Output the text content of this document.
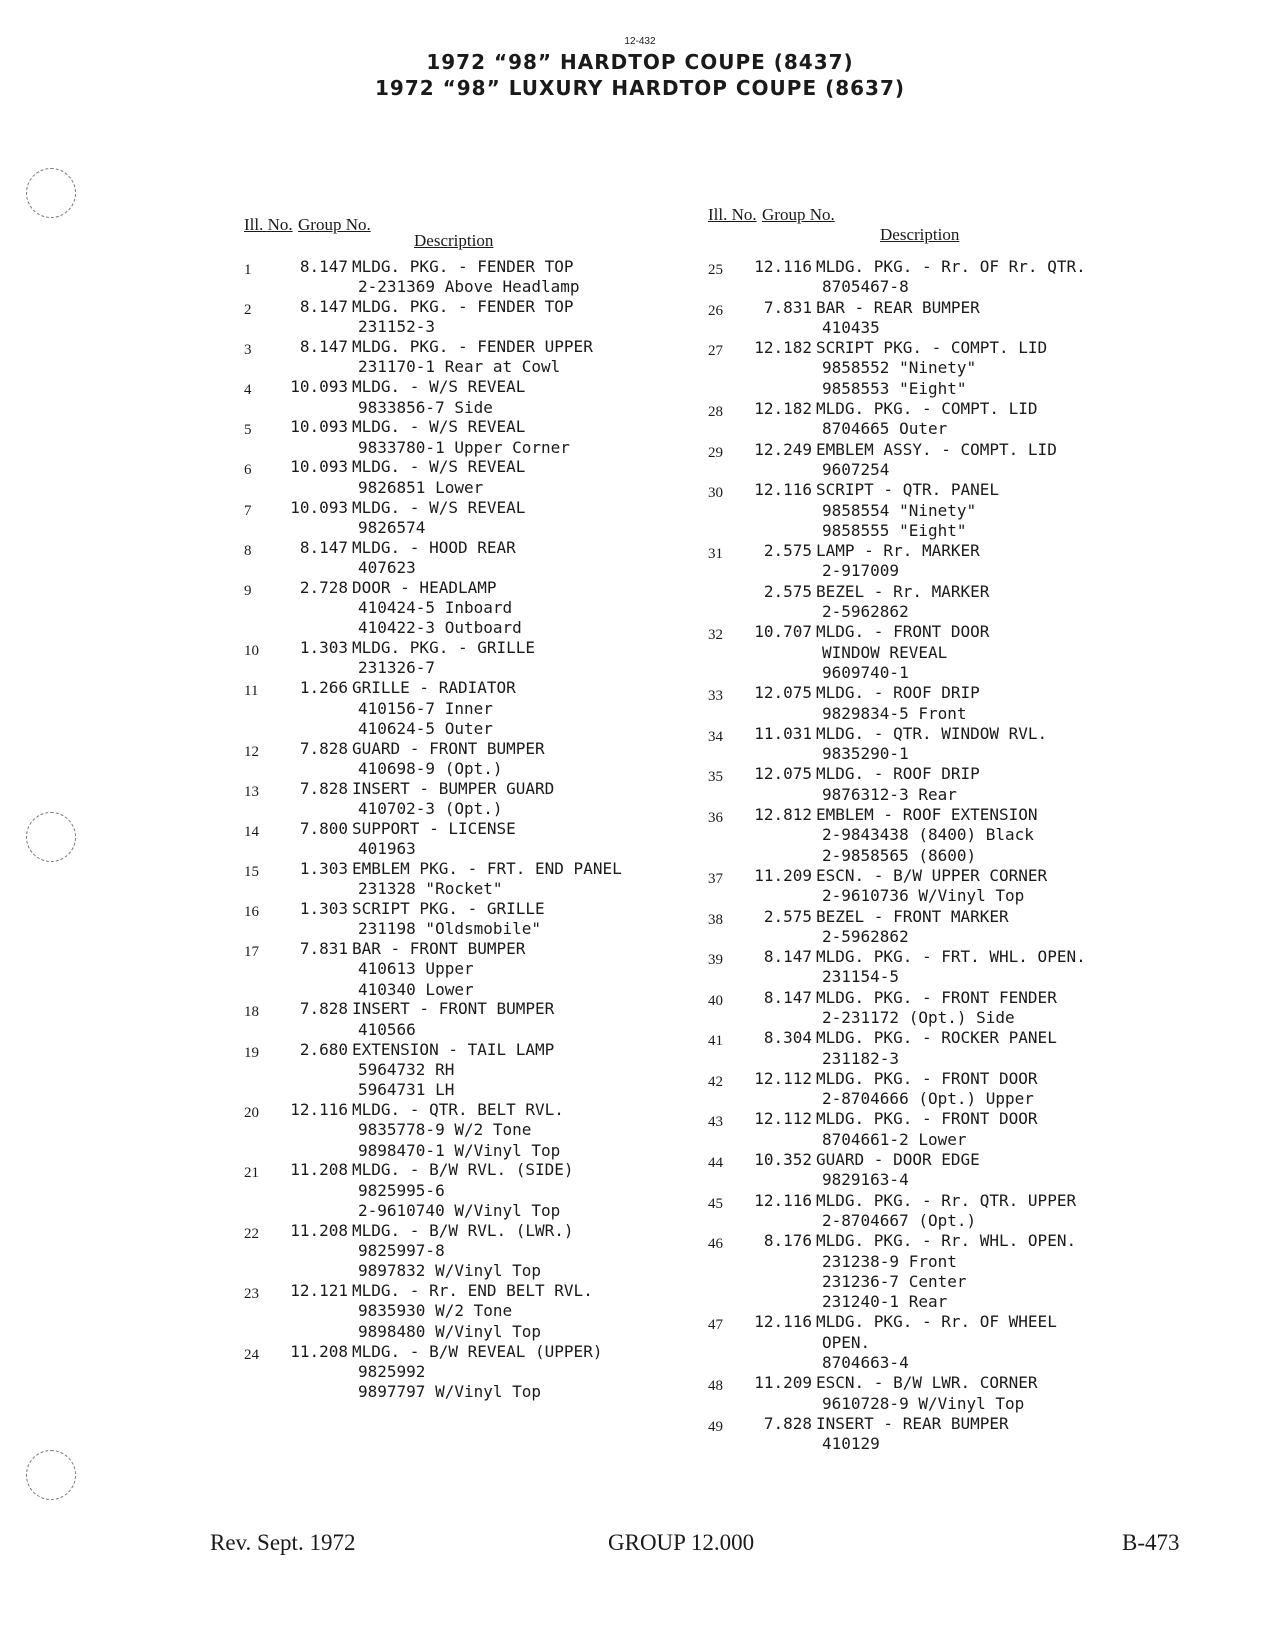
12-432
1972 “98” HARDTOP COUPE (8437)
1972 “98” LUXURY HARDTOP COUPE (8637)
Ill. No. Group No.
Description
1	8.147 MLDG. PKG. - FENDER TOP
2-231369 Above Headlamp
2	8.147 MLDG. PKG. - FENDER TOP
231152-3
3	8.147 MLDG. PKG. - FENDER UPPER
231170-1 Rear at Cowl
4	10.093 MLDG. - W/S REVEAL
9833856-7 Side
5	10.093 MLDG. - W/S REVEAL
9833780-1 Upper Corner
6	10.093 MLDG. - W/S REVEAL
9826851 Lower
7	10.093 MLDG. - W/S REVEAL
9826574
8	8.147 MLDG. - HOOD REAR
407623
9	2.728 DOOR - HEADLAMP
410424-5 Inboard
410422-3 Outboard
10	1.303 MLDG. PKG. - GRILLE
231326-7
11	1.266 GRILLE - RADIATOR
410156-7 Inner
410624-5 Outer
12	7.828 GUARD - FRONT BUMPER
410698-9 (Opt.)
13	7.828 INSERT - BUMPER GUARD
410702-3 (Opt.)
14	7.800 SUPPORT - LICENSE
401963
15	1.303 EMBLEM PKG. - FRT. END PANEL
231328 "Rocket"
16	1.303 SCRIPT PKG. - GRILLE
231198 "Oldsmobile"
17	7.831 BAR - FRONT BUMPER
410613 Upper
410340 Lower
18	7.828 INSERT - FRONT BUMPER
410566
19	2.680 EXTENSION - TAIL LAMP
5964732 RH
5964731 LH
20	12.116 MLDG. - QTR. BELT RVL.
9835778-9 W/2 Tone
9898470-1 W/Vinyl Top
21	11.208 MLDG. - B/W RVL. (SIDE)
9825995-6
2-9610740 W/Vinyl Top
22	11.208 MLDG. - B/W RVL. (LWR.)
9825997-8
9897832 W/Vinyl Top
23	12.121 MLDG. - Rr. END BELT RVL.
9835930 W/2 Tone
9898480 W/Vinyl Top
24	11.208 MLDG. - B/W REVEAL (UPPER)
9825992
9897797 W/Vinyl Top
Ill. No. Group No.
Description
25	12.116 MLDG. PKG. - Rr. OF Rr. QTR.
8705467-8
26	7.831 BAR - REAR BUMPER
410435
27	12.182 SCRIPT PKG. - COMPT. LID
9858552 "Ninety"
9858553 "Eight"
28	12.182 MLDG. PKG. - COMPT. LID
8704665 Outer
29	12.249 EMBLEM ASSY. - COMPT. LID
9607254
30	12.116 SCRIPT - QTR. PANEL
9858554 "Ninety"
9858555 "Eight"
31	2.575 LAMP - Rr. MARKER
2-917009
2.575 BEZEL - Rr. MARKER
2-5962862
32	10.707 MLDG. - FRONT DOOR
WINDOW REVEAL
9609740-1
33	12.075 MLDG. - ROOF DRIP
9829834-5 Front
34	11.031 MLDG. - QTR. WINDOW RVL.
9835290-1
35	12.075 MLDG. - ROOF DRIP
9876312-3 Rear
36	12.812 EMBLEM - ROOF EXTENSION
2-9843438 (8400) Black
2-9858565 (8600)
37	11.209 ESCN. - B/W UPPER CORNER
2-9610736 W/Vinyl Top
38	2.575 BEZEL - FRONT MARKER
2-5962862
39	8.147 MLDG. PKG. - FRT. WHL. OPEN.
231154-5
40	8.147 MLDG. PKG. - FRONT FENDER
2-231172 (Opt.) Side
41	8.304 MLDG. PKG. - ROCKER PANEL
231182-3
42	12.112 MLDG. PKG. - FRONT DOOR
2-8704666 (Opt.) Upper
43	12.112 MLDG. PKG. - FRONT DOOR
8704661-2 Lower
44	10.352 GUARD - DOOR EDGE
9829163-4
45	12.116 MLDG. PKG. - Rr. QTR. UPPER
2-8704667 (Opt.)
46	8.176 MLDG. PKG. - Rr. WHL. OPEN.
231238-9 Front
231236-7 Center
231240-1 Rear
47	12.116 MLDG. PKG. - Rr. OF WHEEL
OPEN.
8704663-4
48	11.209 ESCN. - B/W LWR. CORNER
9610728-9 W/Vinyl Top
49	7.828 INSERT - REAR BUMPER
410129
Rev. Sept. 1972	GROUP 12.000	B-473
